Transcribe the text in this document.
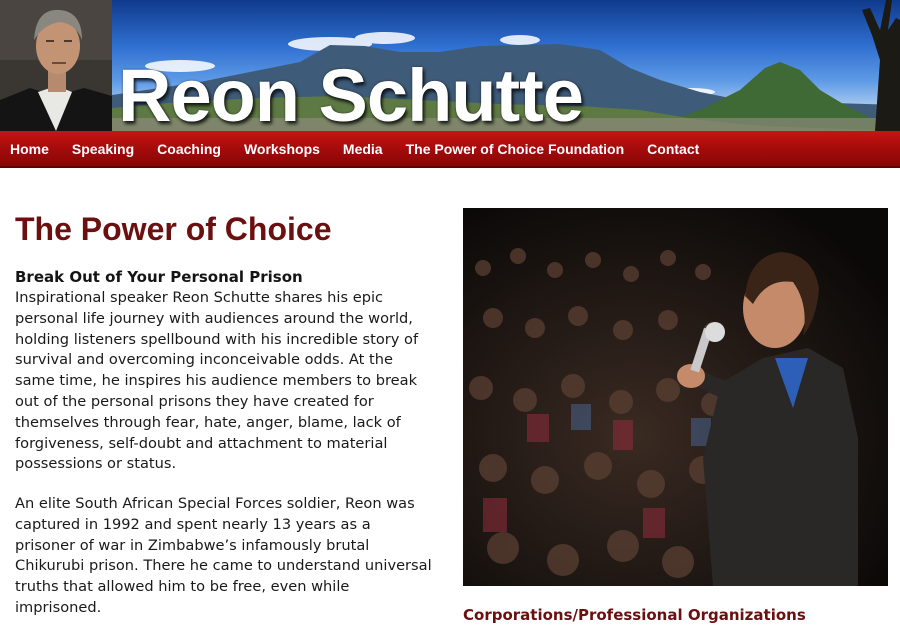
Reon Schutte
Home Speaking Coaching Workshops Media The Power of Choice Foundation Contact
The Power of Choice
Break Out of Your Personal Prison

Inspirational speaker Reon Schutte shares his epic personal life journey with audiences around the world, holding listeners spellbound with his incredible story of survival and overcoming inconceivable odds. At the same time, he inspires his audience members to break out of the personal prisons they have created for themselves through fear, hate, anger, blame, lack of forgiveness, self-doubt and attachment to material possessions or status.

An elite South African Special Forces soldier, Reon was captured in 1992 and spent nearly 13 years as a prisoner of war in Zimbabwe’s infamously brutal Chikurubi prison. There he came to understand universal truths that allowed him to be free, even while imprisoned.

	Corporations/Professional Organizations
